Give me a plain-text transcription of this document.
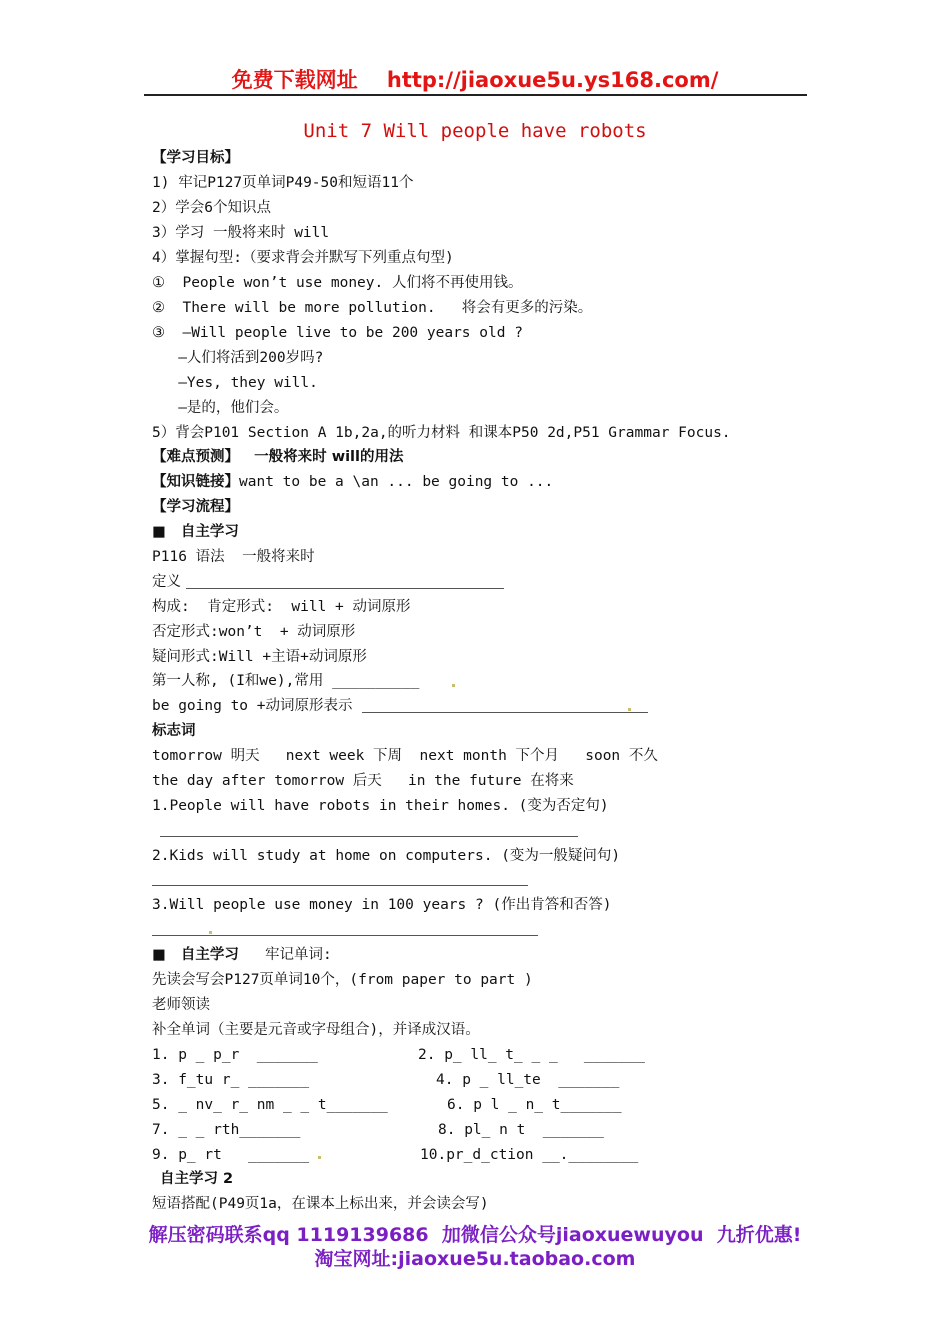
免费下载网址    http://jiaoxue5u.ys168.com/
Unit 7 Will people have robots
【学习目标】
1) 牢记P127页单词P49-50和短语11个
2）学会6个知识点
3）学习 一般将来时 will
4）掌握句型:（要求背会并默写下列重点句型)
①  People won’t use money. 人们将不再使用钱。
②  There will be more pollution.   将会有更多的污染。
③  —Will people live to be 200 years old ?
—人们将活到200岁吗?
—Yes, they will.
—是的，他们会。
5）背会P101 Section A 1b,2a,的听力材料 和课本P50 2d,P51 Grammar Focus.
【难点预测】   一般将来时 will的用法
【知识链接】want to be a \an ... be going to ...
【学习流程】
■   自主学习
P116 语法  一般将来时
定义
构成:  肯定形式:  will + 动词原形
否定形式:won’t  + 动词原形
疑问形式:Will +主语+动词原形
第一人称, (I和we),常用 __________
be going to +动词原形表示
标志词
tomorrow 明天   next week 下周  next month 下个月   soon 不久
the day after tomorrow 后天   in the future 在将来
1.People will have robots in their homes. (变为否定句)
2.Kids will study at home on computers. (变为一般疑问句)
3.Will people use money in 100 years ? (作出肯答和否答)
■   自主学习   牢记单词:
先读会写会P127页单词10个，(from paper to part )
老师领读
补全单词（主要是元音或字母组合)，并译成汉语。
1. p _ p_r  _______	2. p_ ll_ t_ _ _   _______
3. f_tu r_ _______	4. p _ ll_te  _______
5. _ nv_ r_ nm _ _ t_______	6. p l _ n_ t_______
7. _ _ rth_______	8. pl_ n t  _______
9. p_ rt   _______	10.pr_d_ction __.________
自主学习 2
短语搭配(P49页1a，在课本上标出来，并会读会写)
解压密码联系qq 1119139686  加微信公众号jiaoxuewuyou  九折优惠!
淘宝网址:jiaoxue5u.taobao.com
